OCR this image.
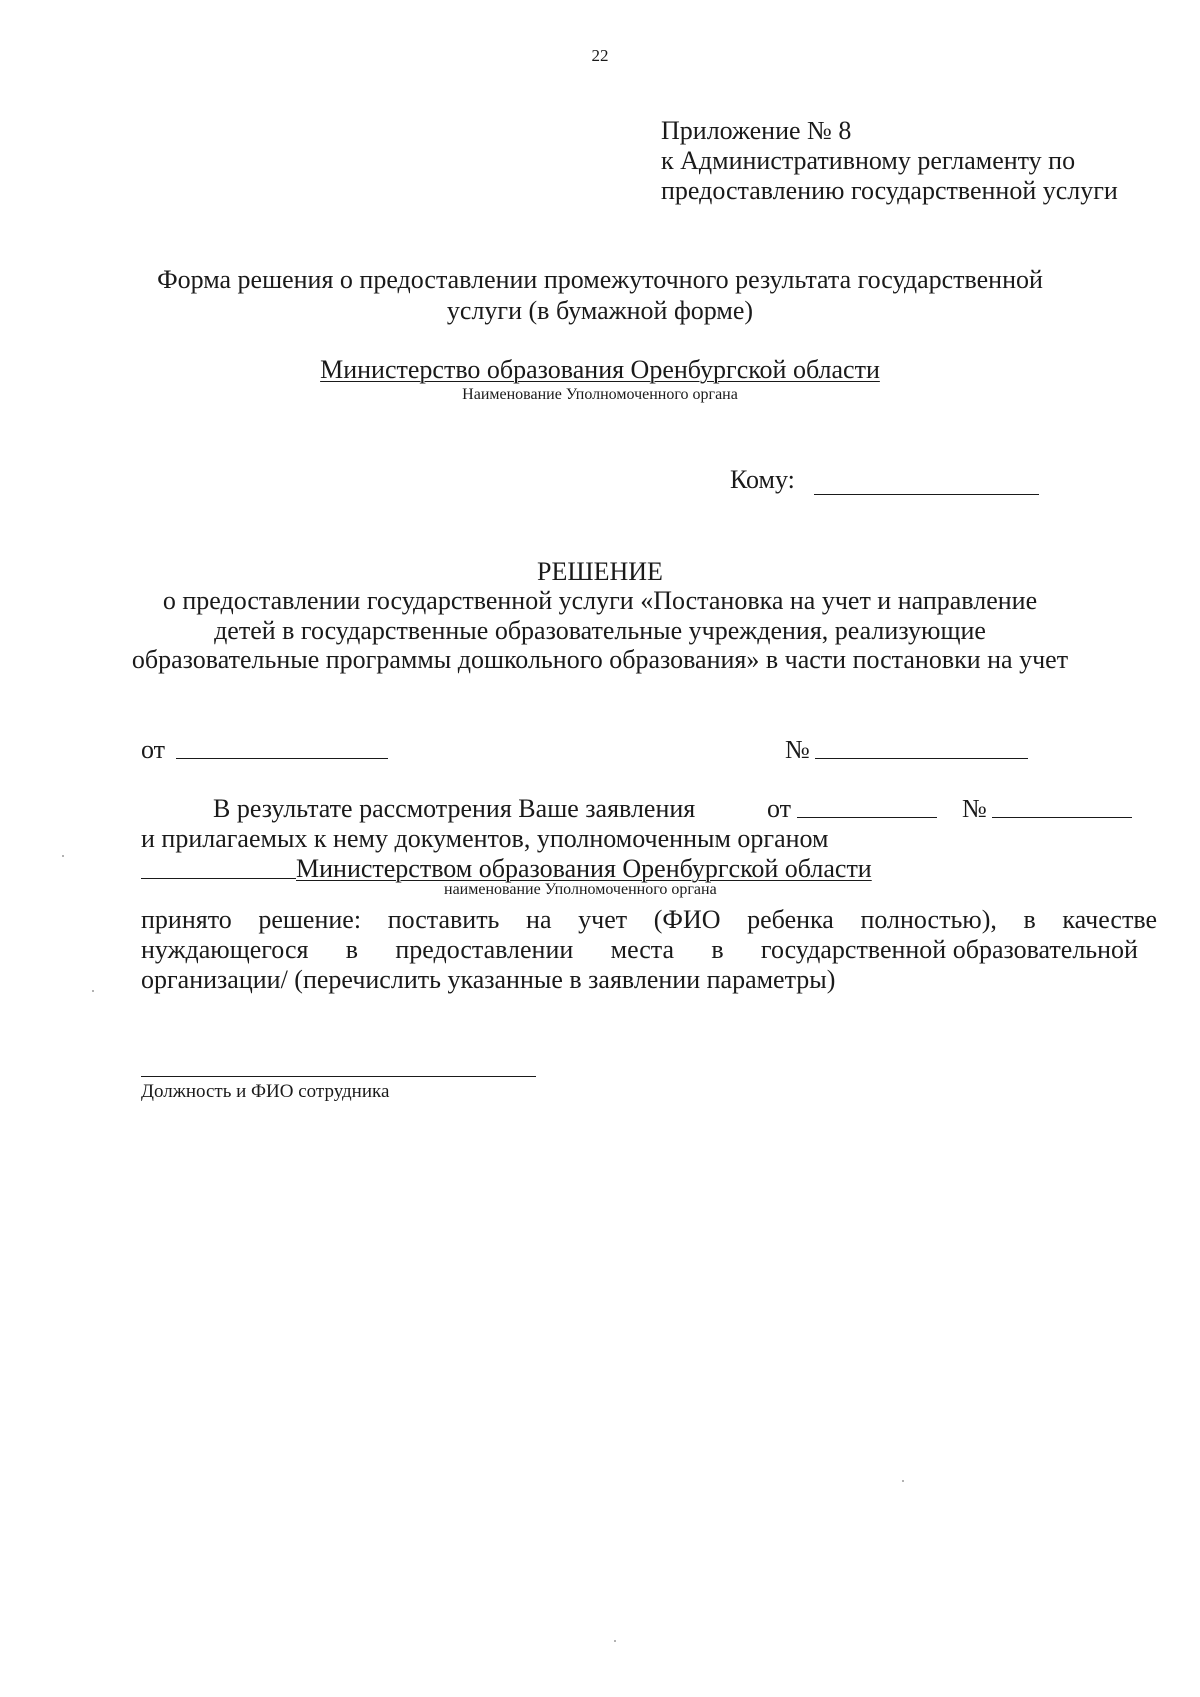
22
Приложение № 8
к Административному регламенту по
предоставлению государственной услуги
Форма решения о предоставлении промежуточного результата государственной
услуги (в бумажной форме)
Министерство образования Оренбургской области
Наименование Уполномоченного органа
Кому:
РЕШЕНИЕ
о предоставлении государственной услуги «Постановка на учет и направление
детей в государственные образовательные учреждения, реализующие
образовательные программы дошкольного образования» в части постановки на учет
от	№
В результате рассмотрения Ваше заявления	от	№
и прилагаемых к нему документов, уполномоченным органом
Министерством образования Оренбургской области
наименование Уполномоченного органа
принято решение: поставить на учет (ФИО ребенка полностью), в качестве
нуждающегося в предоставлении места в государственной образовательной
организации/ (перечислить указанные в заявлении параметры)
Должность и ФИО сотрудника
